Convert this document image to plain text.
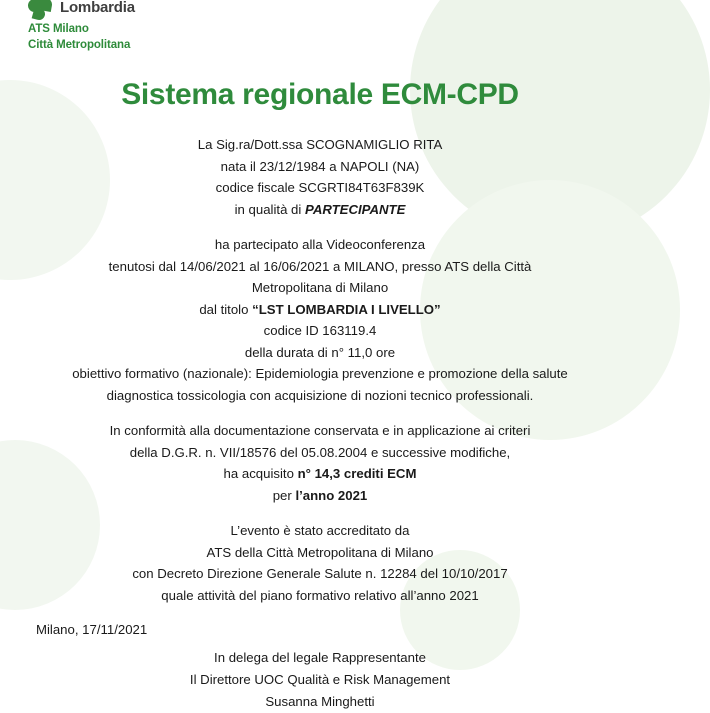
Lombardia
ATS Milano
Città Metropolitana
Sistema regionale ECM-CPD
La Sig.ra/Dott.ssa SCOGNAMIGLIO RITA
nata il 23/12/1984 a NAPOLI (NA)
codice fiscale SCGRTI84T63F839K
in qualità di PARTECIPANTE
ha partecipato alla Videoconferenza
tenutosi dal 14/06/2021 al 16/06/2021 a MILANO, presso ATS della Città
Metropolitana di Milano
dal titolo “LST LOMBARDIA I LIVELLO”
codice ID 163119.4
della durata di n° 11,0 ore
obiettivo formativo (nazionale): Epidemiologia prevenzione e promozione della salute
diagnostica tossicologia con acquisizione di nozioni tecnico professionali.
In conformità alla documentazione conservata e in applicazione ai criteri
della D.G.R. n. VII/18576 del 05.08.2004 e successive modifiche,
ha acquisito n° 14,3 crediti ECM
per l’anno 2021
L’evento è stato accreditato da
ATS della Città Metropolitana di Milano
con Decreto Direzione Generale Salute n. 12284 del 10/10/2017
quale attività del piano formativo relativo all’anno 2021
Milano, 17/11/2021
In delega del legale Rappresentante
Il Direttore UOC Qualità e Risk Management
Susanna Minghetti
